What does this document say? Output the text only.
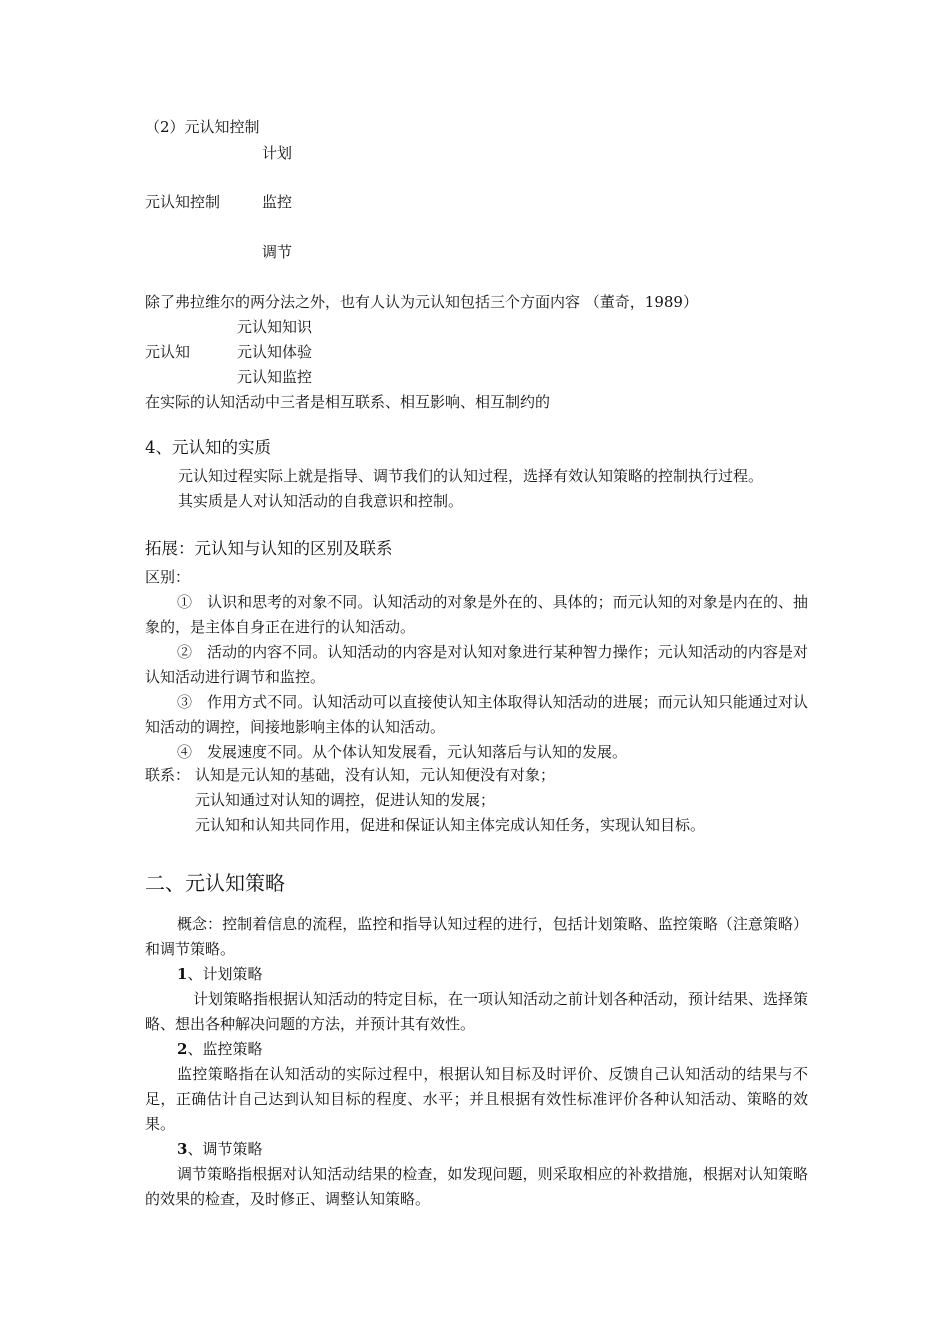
（2）元认知控制
计划
元认知控制	监控
调节
除了弗拉维尔的两分法之外，也有人认为元认知包括三个方面内容 （董奇，1989）
元认知知识
元认知	元认知体验
元认知监控
在实际的认知活动中三者是相互联系、相互影响、相互制约的
4、元认知的实质
元认知过程实际上就是指导、调节我们的认知过程，选择有效认知策略的控制执行过程。
其实质是人对认知活动的自我意识和控制。
拓展：元认知与认知的区别及联系
区别：

①　认识和思考的对象不同。认知活动的对象是外在的、具体的；而元认知的对象是内在的、抽象的，是主体自身正在进行的认知活动。

②　活动的内容不同。认知活动的内容是对认知对象进行某种智力操作；元认知活动的内容是对认知活动进行调节和监控。

③　作用方式不同。认知活动可以直接使认知主体取得认知活动的进展；而元认知只能通过对认知活动的调控，间接地影响主体的认知活动。

④　发展速度不同。从个体认知发展看，元认知落后与认知的发展。

联系： 认知是元认知的基础，没有认知，元认知便没有对象；
元认知通过对认知的调控，促进认知的发展；
元认知和认知共同作用，促进和保证认知主体完成认知任务，实现认知目标。
二、元认知策略

概念：控制着信息的流程，监控和指导认知过程的进行，包括计划策略、监控策略（注意策略）和调节策略。

1、计划策略

计划策略指根据认知活动的特定目标，在一项认知活动之前计划各种活动，预计结果、选择策略、想出各种解决问题的方法，并预计其有效性。

2、监控策略

监控策略指在认知活动的实际过程中，根据认知目标及时评价、反馈自己认知活动的结果与不足，正确估计自己达到认知目标的程度、水平；并且根据有效性标准评价各种认知活动、策略的效果。

3、调节策略

调节策略指根据对认知活动结果的检查，如发现问题，则采取相应的补救措施，根据对认知策略的效果的检查，及时修正、调整认知策略。
